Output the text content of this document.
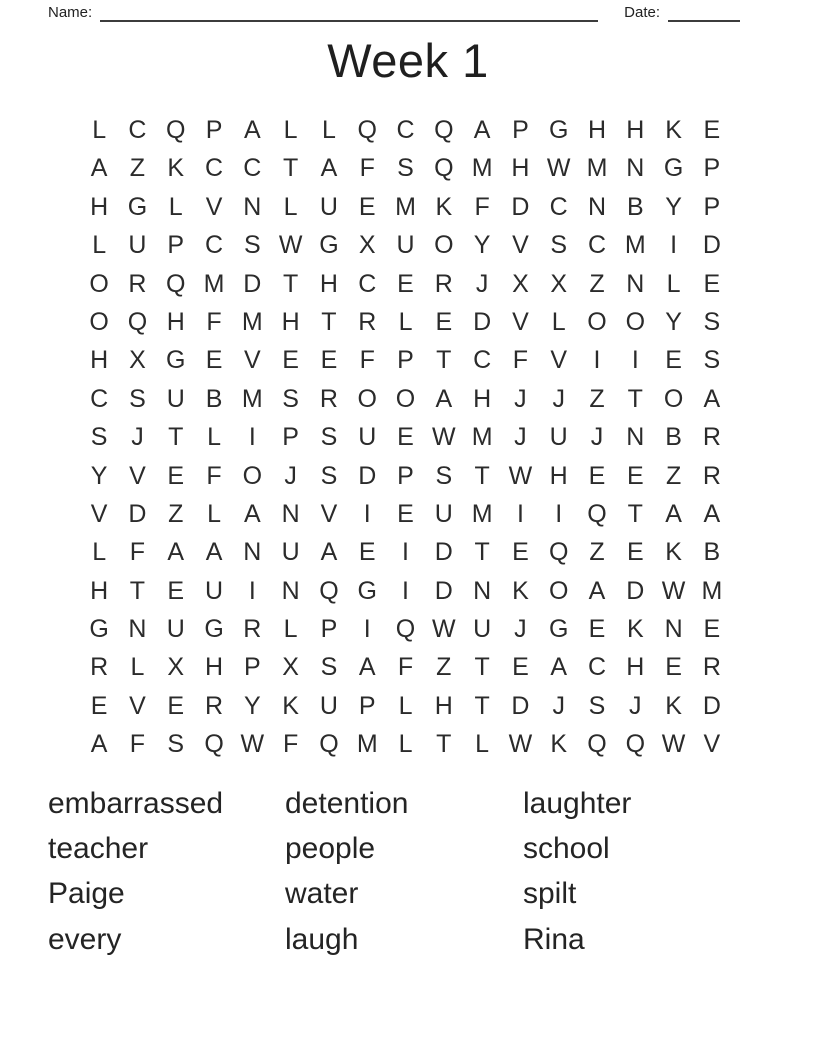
Name:	Date:
Week 1
L C Q P A L L Q C Q A P G H H K E
A Z K C C T A F S Q M H W M N G P
H G L V N L U E M K F D C N B Y P
L U P C S W G X U O Y V S C M I	D
O R Q M D T H C E R J X X Z N L E
O Q H F M H T R L E D V L O O Y S
H X G E V E E F P T C F V	I	I	E S
C S U B M S R O O A H J	J Z T O A
S J T L	I	P S U E W M J U J N B R
Y V E F O J S D P S T W H E E Z R
V D Z L A N V	I	E U M I	I	Q T A A
L F A A N U A E	I	D T E Q Z E K B
H T E U	I	N Q G	I	D N K O A D W M
G N U G R L P	I	Q W U J G E K N E
R L X H P X S A F Z T E A C H E R
E V E R Y K U P L H T D J S J K D
A F S Q W F Q M L T L W K Q Q W V
embarrassed	detention	laughter
teacher	people	school
Paige	water	spilt
every	laugh	Rina
